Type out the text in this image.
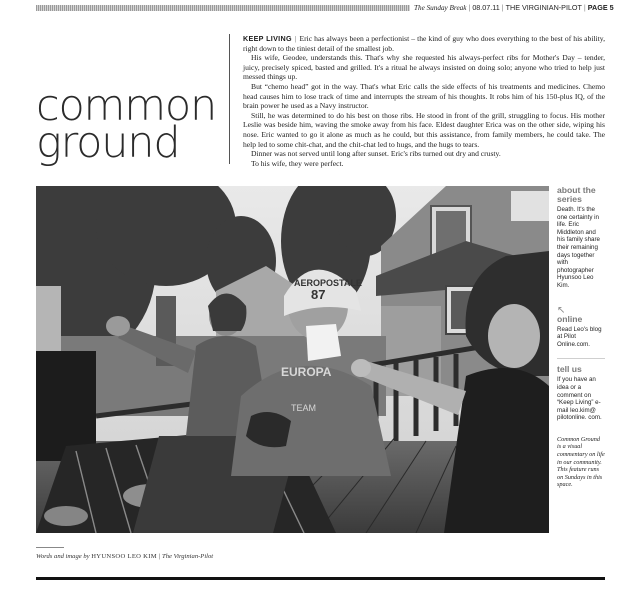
The Sunday Break | 08.07.11 | THE VIRGINIAN-PILOT | PAGE 5
common
ground

KEEP LIVING | Eric has always been a perfectionist – the kind of guy who does everything to the best of his ability, right down to the tiniest detail of the smallest job.

His wife, Geodee, understands this. That's why she requested his always-perfect ribs for Mother's Day – tender, juicy, precisely spiced, basted and grilled. It's a ritual he always insisted on doing solo; anyone who tried to help just messed things up.

But “chemo head” got in the way. That's what Eric calls the side effects of his treatments and medicines. Chemo head causes him to lose track of time and interrupts the stream of his thoughts. It robs him of his 150-plus IQ, of the brain power he used as a Navy instructor.

Still, he was determined to do his best on those ribs. He stood in front of the grill, struggling to focus. His mother Leslie was beside him, waving the smoke away from his face. Eldest daughter Erica was on the other side, wiping his nose. Eric wanted to go it alone as much as he could, but this assistance, from family members, he could take. The help led to some chit-chat, and the chit-chat led to hugs, and the hugs to tears.

Dinner was not served until long after sunset. Eric's ribs turned out dry and crusty.

To his wife, they were perfect.

AEROPOSTALE
87
EUROPA
TEAM
about the series
Death. It's the one certainty in life. Eric Middleton and his family share their remaining days together with photographer Hyunsoo Leo Kim.
↖
online
Read Leo's blog at Pilot Online.com.
tell us
If you have an idea or a comment on “Keep Living” e-mail leo.kim@ pilotonline. com.
Common Ground is a visual commentary on life in our community. This feature runs on Sundays in this space.
Words and image by HYUNSOO LEO KIM | The Virginian-Pilot
